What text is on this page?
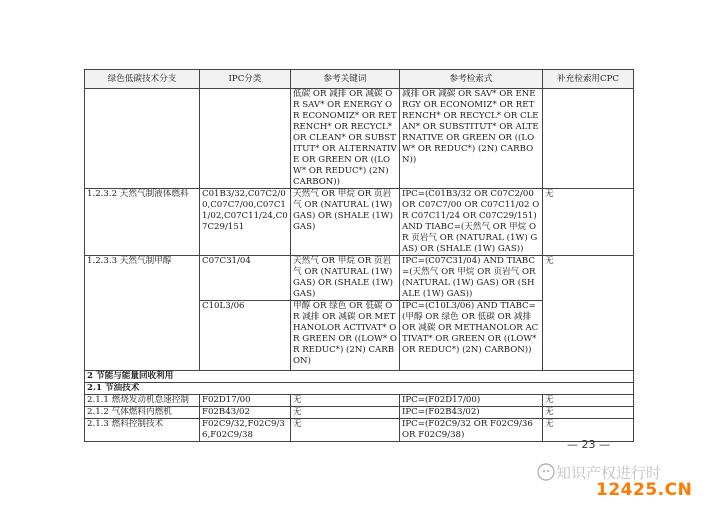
绿色低碳技术分支	IPC分类	参考关键词	参考检索式	补充检索用CPC
		低碳 OR 减排 OR 减碳 OR SAV* OR ENERGY OR ECONOMIZ* OR RETRENCH* OR RECYCL* OR CLEAN* OR SUBSTITUT* OR ALTERNATIVE OR GREEN OR ((LOW* OR REDUC*) (2N) CARBON))	减排 OR 减碳 OR SAV* OR ENERGY OR ECONOMIZ* OR RETRENCH* OR RECYCL* OR CLEAN* OR SUBSTITUT* OR ALTERNATIVE OR GREEN OR ((LOW* OR REDUC*) (2N) CARBON))	
1.2.3.2 天然气制液体燃料	C01B3/32,C07C2/00,C07C7/00,C07C11/02,C07C11/24,C07C29/151	天然气 OR 甲烷 OR 页岩气 OR (NATURAL (1W) GAS) OR (SHALE (1W) GAS)	IPC=(C01B3/32 OR C07C2/00 OR C07C7/00 OR C07C11/02 OR C07C11/24 OR C07C29/151) AND TIABC=(天然气 OR 甲烷 OR 页岩气 OR (NATURAL (1W) GAS) OR (SHALE (1W) GAS))	无
1.2.3.3 天然气制甲醇	C07C31/04	天然气 OR 甲烷 OR 页岩气 OR (NATURAL (1W) GAS) OR (SHALE (1W) GAS)	IPC=(C07C31/04) AND TIABC=(天然气 OR 甲烷 OR 页岩气 OR (NATURAL (1W) GAS) OR (SHALE (1W) GAS))	无
	C10L3/06	甲醇 OR 绿色 OR 低碳 OR 减排 OR 减碳 OR METHANOLOR ACTIVAT* OR GREEN OR ((LOW* OR REDUC*) (2N) CARBON)	IPC=(C10L3/06) AND TIABC=(甲醇 OR 绿色 OR 低碳 OR 减排 OR 减碳 OR METHANOLOR ACTIVAT* OR GREEN OR ((LOW* OR REDUC*) (2N) CARBON))	
2 节能与能量回收利用				
2.1 节油技术				
2.1.1 燃烧发动机怠速控制	F02D17/00	无	IPC=(F02D17/00)	无
2.1.2 气体燃料内燃机	F02B43/02	无	IPC=(F02B43/02)	无
2.1.3 燃料控制技术	F02C9/32,F02C9/36,F02C9/38	无	IPC=(F02C9/32 OR F02C9/36 OR F02C9/38)	无
— 23 —
知识产权进行时
12425.CN
